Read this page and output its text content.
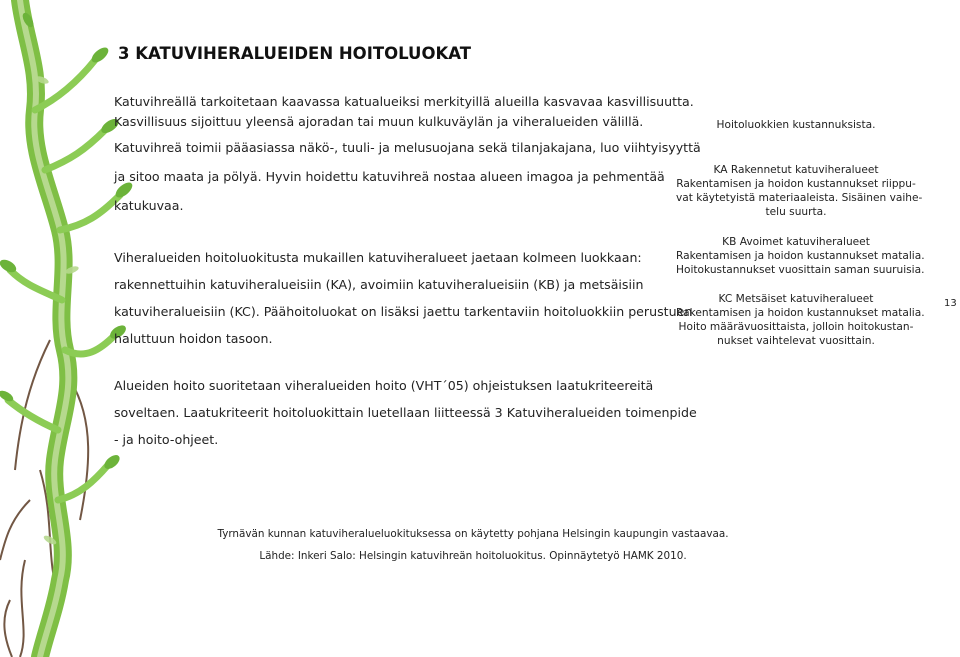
3 KATUVIHERALUEIDEN HOITOLUOKAT
Katuvihreällä tarkoitetaan kaavassa katualueiksi merkityillä alueilla kasvavaa kasvillisuutta.
Kasvillisuus sijoittuu yleensä ajoradan tai muun kulkuväylän ja viheralueiden välillä.
Katuvihreä toimii pääasiassa näkö-, tuuli- ja melusuojana sekä tilanjakajana, luo viihtyisyyttä
ja sitoo maata ja pölyä. Hyvin hoidettu katuvihreä nostaa alueen imagoa ja pehmentää
katukuvaa.
Viheralueiden hoitoluokitusta mukaillen katuviheralueet jaetaan kolmeen luokkaan:
rakennettuihin katuviheralueisiin (KA), avoimiin katuviheralueisiin (KB) ja metsäisiin
katuviheralueisiin (KC). Päähoitoluokat on lisäksi jaettu tarkentaviin hoitoluokkiin perustuen
haluttuun hoidon tasoon.
Alueiden hoito suoritetaan viheralueiden hoito (VHT´05) ohjeistuksen laatukriteereitä
soveltaen. Laatukriteerit hoitoluokittain luetellaan liitteessä 3 Katuviheralueiden toimenpide
- ja hoito-ohjeet.
Hoitoluokkien kustannuksista.
KA Rakennetut katuviheralueet
Rakentamisen ja hoidon kustannukset riippu-
vat käytetyistä materiaaleista. Sisäinen vaihe-
telu suurta.
KB Avoimet katuviheralueet
Rakentamisen ja hoidon kustannukset matalia.
Hoitokustannukset vuosittain saman suuruisia.
KC Metsäiset katuviheralueet
Rakentamisen ja hoidon kustannukset matalia.
Hoito määrävuosittaista, jolloin hoitokustan-
nukset vaihtelevat vuosittain.
13
Tyrnävän kunnan katuviheralueluokituksessa on käytetty pohjana Helsingin kaupungin vastaavaa.
Lähde: Inkeri Salo: Helsingin katuvihreän hoitoluokitus. Opinnäytetyö HAMK 2010.
